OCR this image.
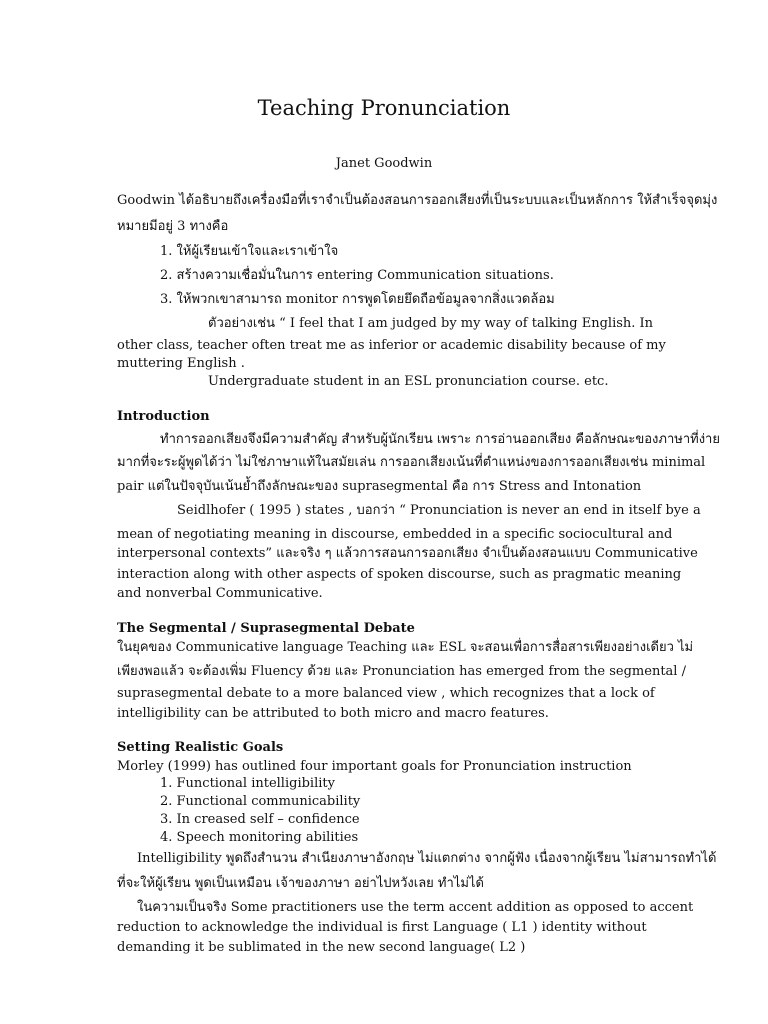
Teaching Pronunciation
Janet Goodwin
Goodwin ได้อธิบายถึงเครื่องมือที่เราจำเป็นต้องสอนการออกเสียงที่เป็นระบบและเป็นหลักการ ให้สำเร็จจุดมุ่ง
หมายมีอยู่ 3 ทางคือ
1. ให้ผู้เรียนเข้าใจและเราเข้าใจ
2. สร้างความเชื่อมั่นในการ entering Communication situations.
3. ให้พวกเขาสามารถ monitor การพูดโดยยึดถือข้อมูลจากสิ่งแวดล้อม
ตัวอย่างเช่น “ I feel that I am judged by my way of talking English. In
other class, teacher often treat me as inferior or academic disability because of my
muttering English .
Undergraduate student in an ESL pronunciation course. etc.
Introduction
ทำการออกเสียงจึงมีความสำคัญ สำหรับผู้นักเรียน เพราะ การอ่านออกเสียง คือลักษณะของภาษาที่ง่าย
มากที่จะระผู้พูดได้ว่า ไม่ใช่ภาษาแท้ในสมัยเล่น การออกเสียงเน้นที่ตำแหน่งของการออกเสียงเช่น minimal
pair แต่ในปัจจุบันเน้นย้ำถึงลักษณะของ suprasegmental คือ การ Stress and Intonation
Seidlhofer ( 1995 ) states , บอกว่า “ Pronunciation is never an end in itself bye a
mean of negotiating meaning in discourse, embedded in a specific sociocultural and
interpersonal contexts” และจริง ๆ แล้วการสอนการออกเสียง จำเป็นต้องสอนแบบ Communicative
interaction along with other aspects of spoken discourse, such as pragmatic meaning
and nonverbal Communicative.
The Segmental / Suprasegmental Debate
ในยุคของ Communicative language Teaching และ ESL จะสอนเพื่อการสื่อสารเพียงอย่างเดียว ไม่
เพียงพอแล้ว จะต้องเพิ่ม Fluency ด้วย และ Pronunciation has emerged from the segmental /
suprasegmental debate to a more balanced view , which recognizes that a lock of
intelligibility can be attributed to both micro and macro features.
Setting Realistic Goals
Morley (1999) has outlined four important goals for Pronunciation instruction
1. Functional intelligibility
2. Functional communicability
3. In creased self – confidence
4. Speech monitoring abilities
Intelligibility พูดถึงสำนวน สำเนียงภาษาอังกฤษ ไม่แตกต่าง จากผู้ฟัง เนื่องจากผู้เรียน ไม่สามารถทำได้
ที่จะให้ผู้เรียน พูดเป็นเหมือน เจ้าของภาษา อย่าไปหวังเลย ทำไม่ได้
ในความเป็นจริง Some practitioners use the term accent addition as opposed to accent
reduction to acknowledge the individual is first Language ( L1 ) identity without
demanding it be sublimated in the new second language( L2 )
